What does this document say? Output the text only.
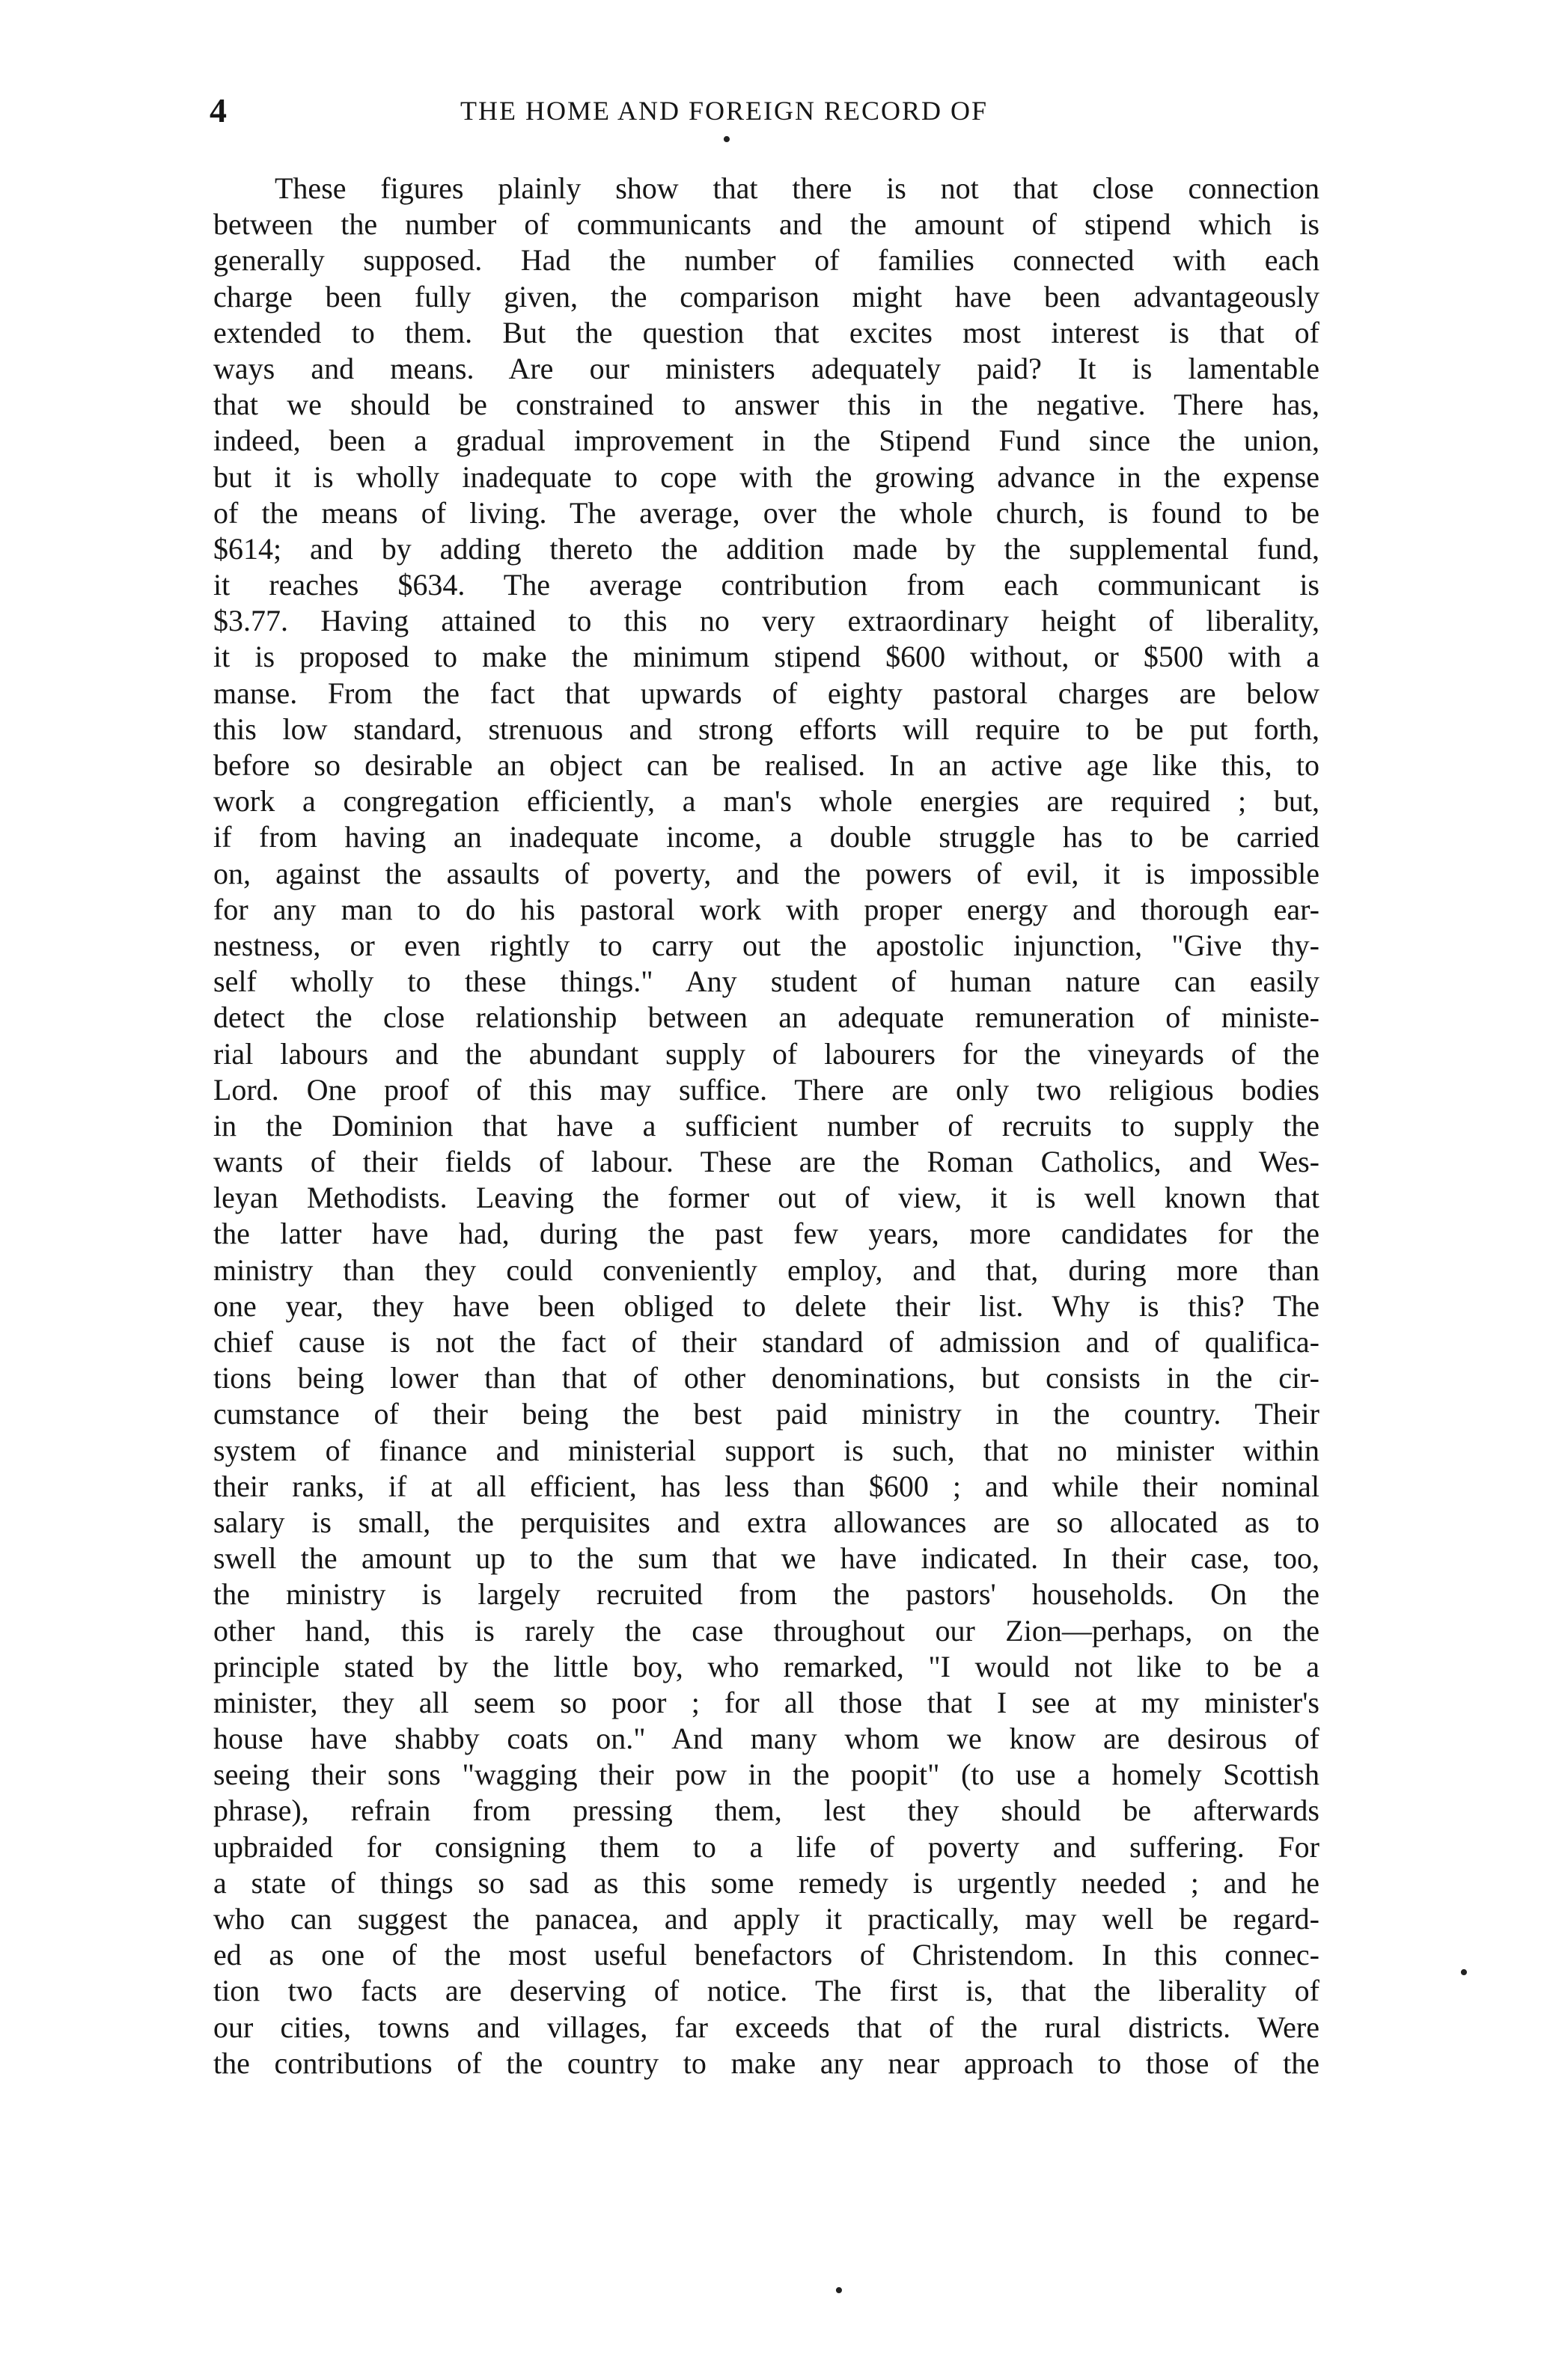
4	THE HOME AND FOREIGN RECORD OF
•
These figures plainly show that there is not that close connection
between the number of communicants and the amount of stipend which is
generally supposed. Had the number of families connected with each
charge been fully given, the comparison might have been advantageously
extended to them. But the question that excites most interest is that of
ways and means. Are our ministers adequately paid? It is lamentable
that we should be constrained to answer this in the negative. There has,
indeed, been a gradual improvement in the Stipend Fund since the union,
but it is wholly inadequate to cope with the growing advance in the expense
of the means of living. The average, over the whole church, is found to be
$614; and by adding thereto the addition made by the supplemental fund,
it reaches $634. The average contribution from each communicant is
$3.77. Having attained to this no very extraordinary height of liberality,
it is proposed to make the minimum stipend $600 without, or $500 with a
manse. From the fact that upwards of eighty pastoral charges are below
this low standard, strenuous and strong efforts will require to be put forth,
before so desirable an object can be realised. In an active age like this, to
work a congregation efficiently, a man's whole energies are required ; but,
if from having an inadequate income, a double struggle has to be carried
on, against the assaults of poverty, and the powers of evil, it is impossible
for any man to do his pastoral work with proper energy and thorough ear-
nestness, or even rightly to carry out the apostolic injunction, "Give thy-
self wholly to these things." Any student of human nature can easily
detect the close relationship between an adequate remuneration of ministe-
rial labours and the abundant supply of labourers for the vineyards of the
Lord. One proof of this may suffice. There are only two religious bodies
in the Dominion that have a sufficient number of recruits to supply the
wants of their fields of labour. These are the Roman Catholics, and Wes-
leyan Methodists. Leaving the former out of view, it is well known that
the latter have had, during the past few years, more candidates for the
ministry than they could conveniently employ, and that, during more than
one year, they have been obliged to delete their list. Why is this? The
chief cause is not the fact of their standard of admission and of qualifica-
tions being lower than that of other denominations, but consists in the cir-
cumstance of their being the best paid ministry in the country. Their
system of finance and ministerial support is such, that no minister within
their ranks, if at all efficient, has less than $600 ; and while their nominal
salary is small, the perquisites and extra allowances are so allocated as to
swell the amount up to the sum that we have indicated. In their case, too,
the ministry is largely recruited from the pastors' households. On the
other hand, this is rarely the case throughout our Zion—perhaps, on the
principle stated by the little boy, who remarked, "I would not like to be a
minister, they all seem so poor ; for all those that I see at my minister's
house have shabby coats on." And many whom we know are desirous of
seeing their sons "wagging their pow in the poopit" (to use a homely Scottish
phrase), refrain from pressing them, lest they should be afterwards
upbraided for consigning them to a life of poverty and suffering. For
a state of things so sad as this some remedy is urgently needed ; and he
who can suggest the panacea, and apply it practically, may well be regard-
ed as one of the most useful benefactors of Christendom. In this connec-
tion two facts are deserving of notice. The first is, that the liberality of
our cities, towns and villages, far exceeds that of the rural districts. Were
the contributions of the country to make any near approach to those of the
•
•
